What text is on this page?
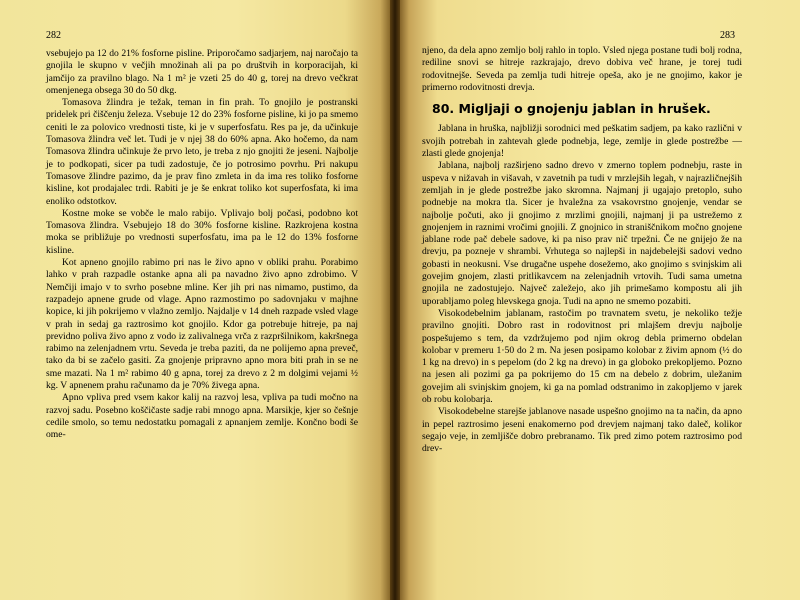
282	283

vsebujejo pa 12 do 21% fosforne pisline. Priporočamo sadjarjem, naj naročajo ta gnojila le skupno v večjih množinah ali pa po društvih in korporacijah, ki jamčijo za pravilno blago. Na 1 m² je vzeti 25 do 40 g, torej na drevo večkrat omenjenega obsega 30 do 50 dkg.

Tomasova žlindra je težak, teman in fin prah. To gnojilo je postranski pridelek pri čiščenju železa. Vsebuje 12 do 23% fosforne pisline, ki jo pa smemo ceniti le za polovico vrednosti tiste, ki je v superfosfatu. Res pa je, da učinkuje Tomasova žlindra več let. Tudi je v njej 38 do 60% apna. Ako hočemo, da nam Tomasova žlindra učinkuje že prvo leto, je treba z njo gnojiti že jeseni. Najbolje je to podkopati, sicer pa tudi zadostuje, če jo potrosimo povrhu. Pri nakupu Tomasove žlindre pazimo, da je prav fino zmleta in da ima res toliko fosforne kisline, kot prodajalec trdi. Rabiti je je še enkrat toliko kot superfosfata, ki ima enoliko odstotkov.

Kostne moke se vobče le malo rabijo. Vplivajo bolj počasi, podobno kot Tomasova žlindra. Vsebujejo 18 do 30% fosforne kisline. Razkrojena kostna moka se približuje po vrednosti superfosfatu, ima pa le 12 do 13% fosforne kisline.

Kot apneno gnojilo rabimo pri nas le živo apno v obliki prahu. Porabimo lahko v prah razpadle ostanke apna ali pa navadno živo apno zdrobimo. V Nemčiji imajo v to svrho posebne mline. Ker jih pri nas nimamo, pustimo, da razpadejo apnene grude od vlage. Apno razmostimo po sadovnjaku v majhne kopice, ki jih pokrijemo v vlažno zemljo. Najdalje v 14 dneh razpade vsled vlage v prah in sedaj ga raztrosimo kot gnojilo. Kdor ga potrebuje hitreje, pa naj previdno poliva živo apno z vodo iz zalivalnega vrča z razpršilnikom, kakršnega rabimo na zelenjadnem vrtu. Seveda je treba paziti, da ne polijemo apna preveč, tako da bi se začelo gasiti. Za gnojenje pripravno apno mora biti prah in se ne sme mazati. Na 1 m² rabimo 40 g apna, torej za drevo z 2 m dolgimi vejami ½ kg. V apnenem prahu računamo da je 70% živega apna.

Apno vpliva pred vsem kakor kalij na razvoj lesa, vpliva pa tudi močno na razvoj sadu. Posebno koščičaste sadje rabi mnogo apna. Marsikje, kjer so češnje cedile smolo, so temu nedostatku pomagali z apnanjem zemlje. Končno bodi še ome-

njeno, da dela apno zemljo bolj rahlo in toplo. Vsled njega postane tudi bolj rodna, rediline snovi se hitreje razkrajajo, drevo dobiva več hrane, je torej tudi rodovitnejše. Seveda pa zemlja tudi hitreje opeša, ako je ne gnojimo, kakor je primerno rodovitnosti drevja.

80. Migljaji o gnojenju jablan in hrušek.

Jablana in hruška, najbližji sorodnici med peškatim sadjem, pa kako različni v svojih potrebah in zahtevah glede podnebja, lege, zemlje in glede postrežbe — zlasti glede gnojenja!

Jablana, najbolj razširjeno sadno drevo v zmerno toplem podnebju, raste in uspeva v nižavah in višavah, v zavetnih pa tudi v mrzlejših legah, v najrazličnejših zemljah in je glede postrežbe jako skromna. Najmanj ji ugajajo pretoplo, suho podnebje na mokra tla. Sicer je hvaležna za vsakovrstno gnojenje, vendar se najbolje počuti, ako ji gnojimo z mrzlimi gnojili, najmanj ji pa ustrežemo z gnojenjem in raznimi vročimi gnojili. Z gnojnico in straniščnikom močno gnojene jablane rode pač debele sadove, ki pa niso prav nič trpežni. Če ne gnijejo že na drevju, pa pozneje v shrambi. Vrhutega so najlepši in najdebelejši sadovi vedno gobasti in neokusni. Vse drugačne uspehe dosežemo, ako gnojimo s svinjskim ali govejim gnojem, zlasti pritlikavcem na zelenjadnih vrtovih. Tudi sama umetna gnojila ne zadostujejo. Največ zaležejo, ako jih primešamo kompostu ali jih uporabljamo poleg hlevskega gnoja. Tudi na apno ne smemo pozabiti.

Visokodebelnim jablanam, rastočim po travnatem svetu, je nekoliko težje pravilno gnojiti. Dobro rast in rodovitnost pri mlajšem drevju najbolje pospešujemo s tem, da vzdržujemo pod njim okrog debla primerno obdelan kolobar v premeru 1·50 do 2 m. Na jesen posipamo kolobar z živim apnom (½ do 1 kg na drevo) in s pepelom (do 2 kg na drevo) in ga globoko prekopljemo. Pozno na jesen ali pozimi ga pa pokrijemo do 15 cm na debelo z dobrim, uležanim govejim ali svinjskim gnojem, ki ga na pomlad odstranimo in zakopljemo v jarek ob robu kolobarja.

Visokodebelne starejše jablanove nasade uspešno gnojimo na ta način, da apno in pepel raztrosimo jeseni enakomerno pod drevjem najmanj tako daleč, kolikor segajo veje, in zemljišče dobro prebranamo. Tik pred zimo potem raztrosimo pod drev-
